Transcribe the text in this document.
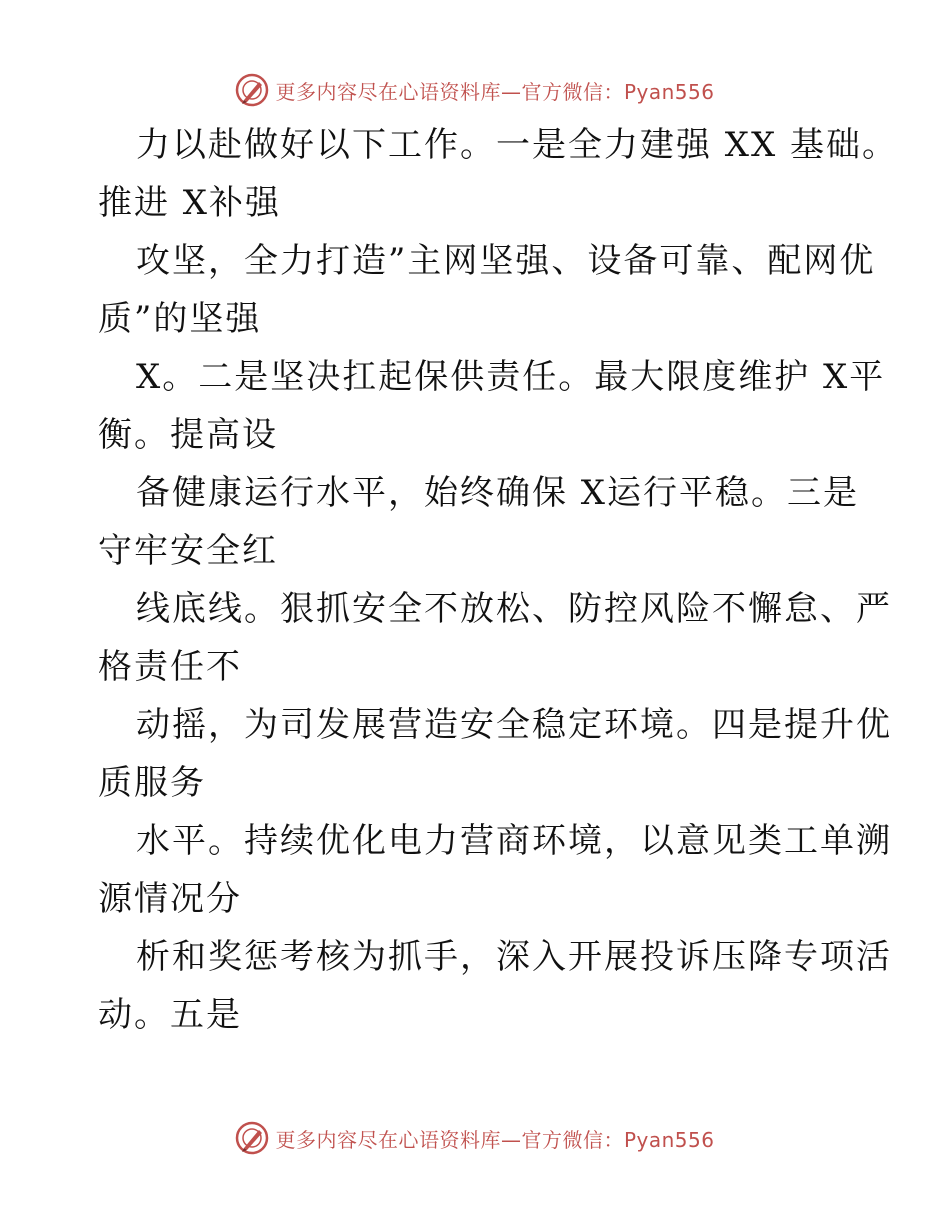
更多内容尽在心语资料库—官方微信：Pyan556
力以赴做好以下工作。一是全力建强 XX 基础。
推进 X补强
攻坚，全力打造”主网坚强、设备可靠、配网优
质”的坚强
X。二是坚决扛起保供责任。最大限度维护 X平
衡。提高设
备健康运行水平，始终确保 X运行平稳。三是
守牢安全红
线底线。狠抓安全不放松、防控风险不懈怠、严
格责任不
动摇，为司发展营造安全稳定环境。四是提升优
质服务
水平。持续优化电力营商环境，以意见类工单溯
源情况分
析和奖惩考核为抓手，深入开展投诉压降专项活
动。五是
更多内容尽在心语资料库—官方微信：Pyan556
